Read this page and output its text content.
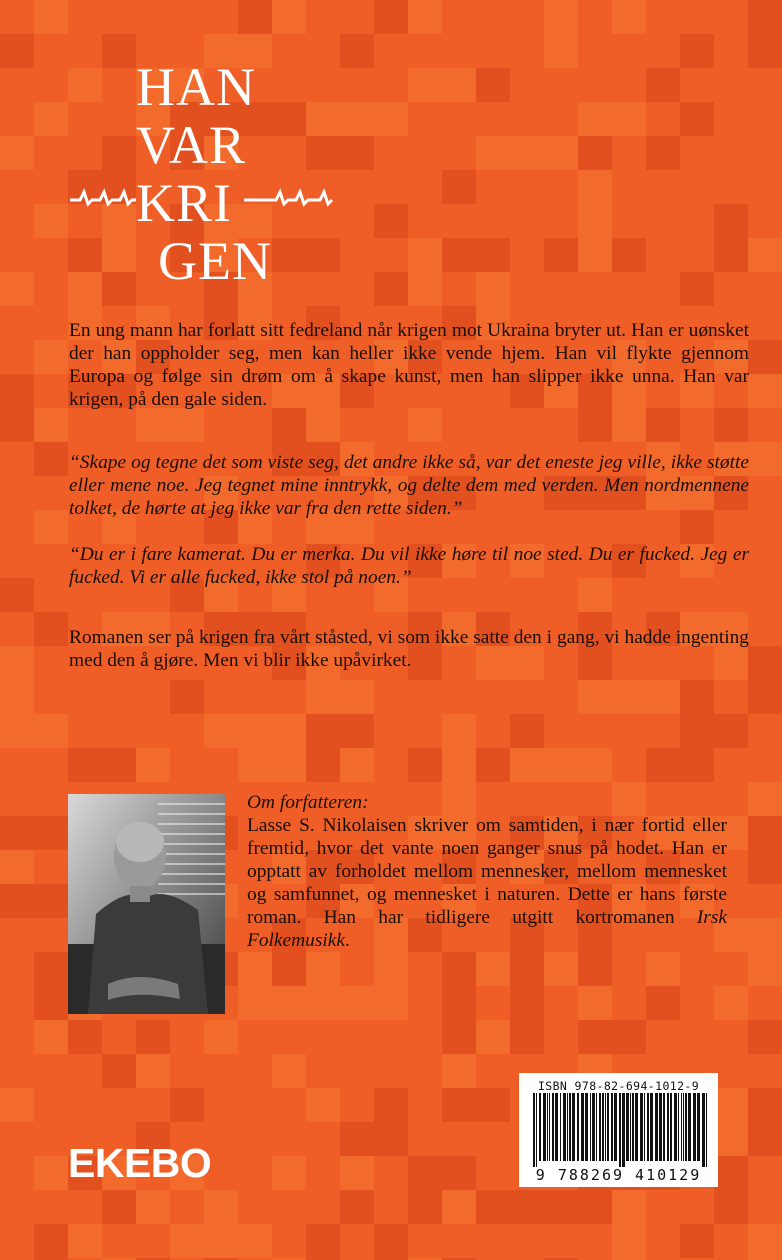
HAN
VAR
KRI
GEN

En ung mann har forlatt sitt fedreland når krigen mot Ukraina bryter ut. Han er uønsket der han oppholder seg, men kan heller ikke vende hjem. Han vil flykte gjennom Europa og følge sin drøm om å skape kunst, men han slipper ikke unna. Han var krigen, på den gale siden.

“Skape og tegne det som viste seg, det andre ikke så, var det eneste jeg ville, ikke støtte eller mene noe. Jeg tegnet mine inntrykk, og delte dem med verden. Men nordmennene tolket, de hørte at jeg ikke var fra den rette siden.”

“Du er i fare kamerat. Du er merka. Du vil ikke høre til noe sted. Du er fucked. Jeg er fucked. Vi er alle fucked, ikke stol på noen.”

Romanen ser på krigen fra vårt ståsted, vi som ikke satte den i gang, vi hadde ingenting med den å gjøre. Men vi blir ikke upåvirket.

Om forfatteren:
Lasse S. Nikolaisen skriver om samtiden, i nær fortid eller fremtid, hvor det vante noen ganger snus på hodet. Han er opptatt av forholdet mellom mennesker, mellom mennesket og samfunnet, og mennesket i naturen. Dette er hans første roman. Han har tidligere utgitt kortromanen Irsk Folkemusikk.

ISBN 978-82-694-1012-9
9 788269 410129
EKEBO
